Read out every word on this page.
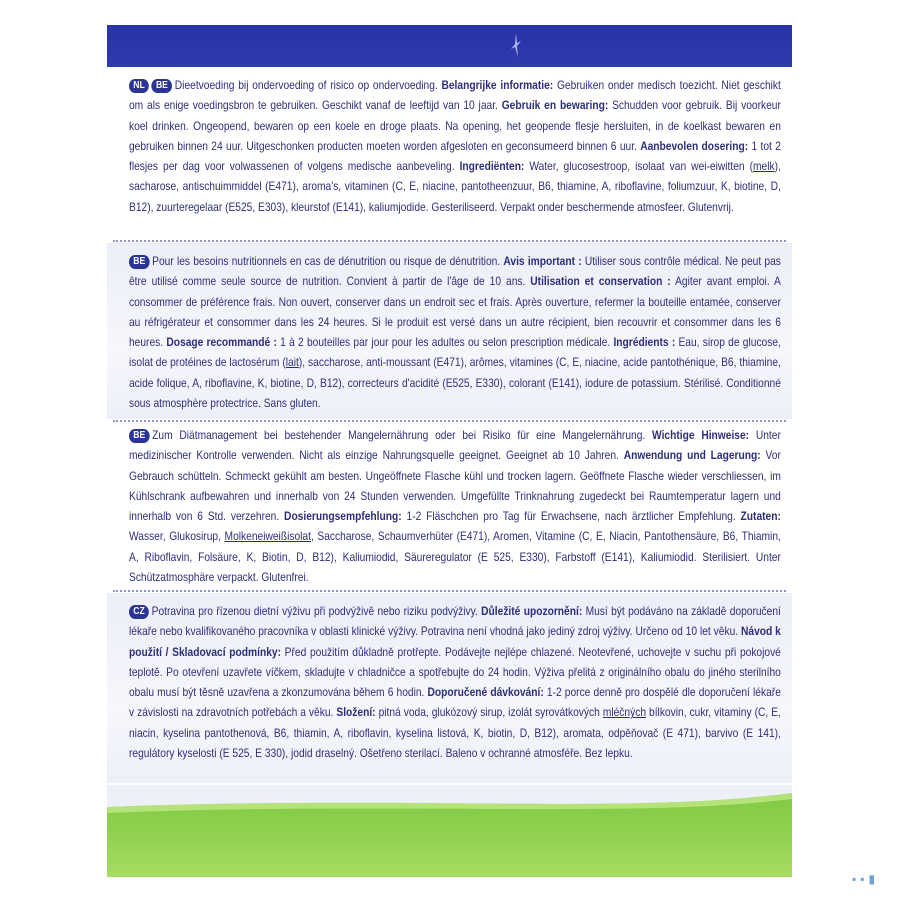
NL BE Dieetvoeding bij ondervoeding of risico op ondervoeding. Belangrijke informatie: Gebruiken onder medisch toezicht. Niet geschikt om als enige voedingsbron te gebruiken. Geschikt vanaf de leeftijd van 10 jaar. Gebruik en bewaring: Schudden voor gebruik. Bij voorkeur koel drinken. Ongeopend, bewaren op een koele en droge plaats. Na opening, het geopende flesje hersluiten, in de koelkast bewaren en gebruiken binnen 24 uur. Uitgeschonken producten moeten worden afgesloten en geconsumeerd binnen 6 uur. Aanbevolen dosering: 1 tot 2 flesjes per dag voor volwassenen of volgens medische aanbeveling. Ingrediënten: Water, glucosestroop, isolaat van wei-eiwitten (melk), sacharose, antischuimmiddel (E471), aroma's, vitaminen (C, E, niacine, pantotheenzuur, B6, thiamine, A, riboflavine, foliumzuur, K, biotine, D, B12), zuurteregelaar (E525, E303), kleurstof (E141), kaliumjodide. Gesteriliseerd. Verpakt onder beschermende atmosfeer. Glutenvrij.

BE Pour les besoins nutritionnels en cas de dénutrition ou risque de dénutrition. Avis important : Utiliser sous contrôle médical. Ne peut pas être utilisé comme seule source de nutrition. Convient à partir de l'âge de 10 ans. Utilisation et conservation : Agiter avant emploi. A consommer de préférence frais. Non ouvert, conserver dans un endroit sec et frais. Après ouverture, refermer la bouteille entamée, conserver au réfrigérateur et consommer dans les 24 heures. Si le produit est versé dans un autre récipient, bien recouvrir et consommer dans les 6 heures. Dosage recommandé : 1 à 2 bouteilles par jour pour les adultes ou selon prescription médicale. Ingrédients : Eau, sirop de glucose, isolat de protéines de lactosérum (lait), saccharose, anti-moussant (E471), arômes, vitamines (C, E, niacine, acide pantothénique, B6, thiamine, acide folique, A, riboflavine, K, biotine, D, B12), correcteurs d'acidité (E525, E330), colorant (E141), iodure de potassium. Stérilisé. Conditionné sous atmosphère protectrice. Sans gluten.

BE Zum Diätmanagement bei bestehender Mangelernährung oder bei Risiko für eine Mangelernährung. Wichtige Hinweise: Unter medizinischer Kontrolle verwenden. Nicht als einzige Nahrungsquelle geeignet. Geeignet ab 10 Jahren. Anwendung und Lagerung: Vor Gebrauch schütteln. Schmeckt gekühlt am besten. Ungeöffnete Flasche kühl und trocken lagern. Geöffnete Flasche wieder verschliessen, im Kühlschrank aufbewahren und innerhalb von 24 Stunden verwenden. Umgefüllte Trinknahrung zugedeckt bei Raumtemperatur lagern und innerhalb von 6 Std. verzehren. Dosierungsempfehlung: 1-2 Fläschchen pro Tag für Erwachsene, nach ärztlicher Empfehlung. Zutaten: Wasser, Glukosirup, Molkeneiweißisolat, Saccharose, Schaumverhüter (E471), Aromen, Vitamine (C, E, Niacin, Pantothensäure, B6, Thiamin, A, Riboflavin, Folsäure, K, Biotin, D, B12), Kaliumiodid, Säureregulator (E 525, E330), Farbstoff (E141), Kaliumiodid. Sterilisiert. Unter Schützatmosphäre verpackt. Glutenfrei.

CZ Potravina pro řízenou dietní výživu při podvýživě nebo riziku podvýživy. Důležité upozornění: Musí být podáváno na základě doporučení lékaře nebo kvalifikovaného pracovníka v oblasti klinické výživy. Potravina není vhodná jako jediný zdroj výživy. Určeno od 10 let věku. Návod k použití / Skladovací podmínky: Před použitím důkladně protřepte. Podávejte nejlépe chlazené. Neotevřené, uchovejte v suchu při pokojové teplotě. Po otevření uzavřete víčkem, skladujte v chladničce a spotřebujte do 24 hodin. Výživa přelitá z originálního obalu do jiného sterilního obalu musí být těsně uzavřena a zkonzumována během 6 hodin. Doporučené dávkování: 1-2 porce denně pro dospělé dle doporučení lékaře v závislosti na zdravotních potřebách a věku. Složení: pitná voda, glukózový sirup, izolát syrovátkových mléčných bílkovin, cukr, vitaminy (C, E, niacin, kyselina pantothenová, B6, thiamin, A, riboflavin, kyselina listová, K, biotin, D, B12), aromata, odpěňovač (E 471), barvivo (E 141), regulátory kyselosti (E 525, E 330), jodid draselný. Ošetřeno sterilací. Baleno v ochranné atmosféře. Bez lepku.

▪▪▮
